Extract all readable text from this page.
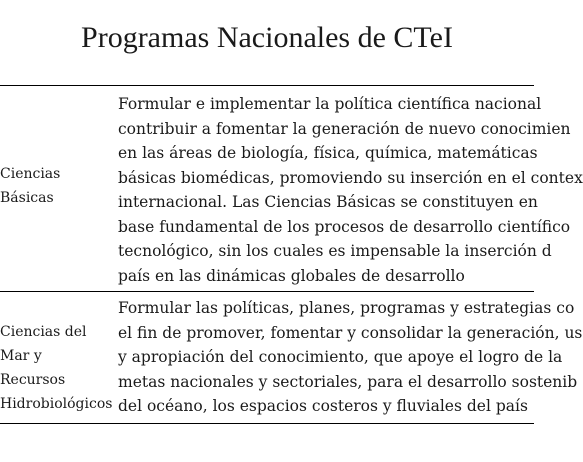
Programas Nacionales de CTeI
Ciencias
Básicas
Formular e implementar la política científica nacional
contribuir a fomentar la generación de nuevo conocimien
en las áreas de biología, física, química, matemáticas
básicas biomédicas, promoviendo su inserción en el contex
internacional. Las Ciencias Básicas se constituyen en
base fundamental de los procesos de desarrollo científico
tecnológico, sin los cuales es impensable la inserción d
país en las dinámicas globales de desarrollo
Ciencias del
Mar y Recursos
Hidrobiológicos
Formular las políticas, planes, programas y estrategias co
el fin de promover, fomentar y consolidar la generación, us
y apropiación del conocimiento, que apoye el logro de la
metas nacionales y sectoriales, para el desarrollo sostenib
del océano, los espacios costeros y fluviales del país
